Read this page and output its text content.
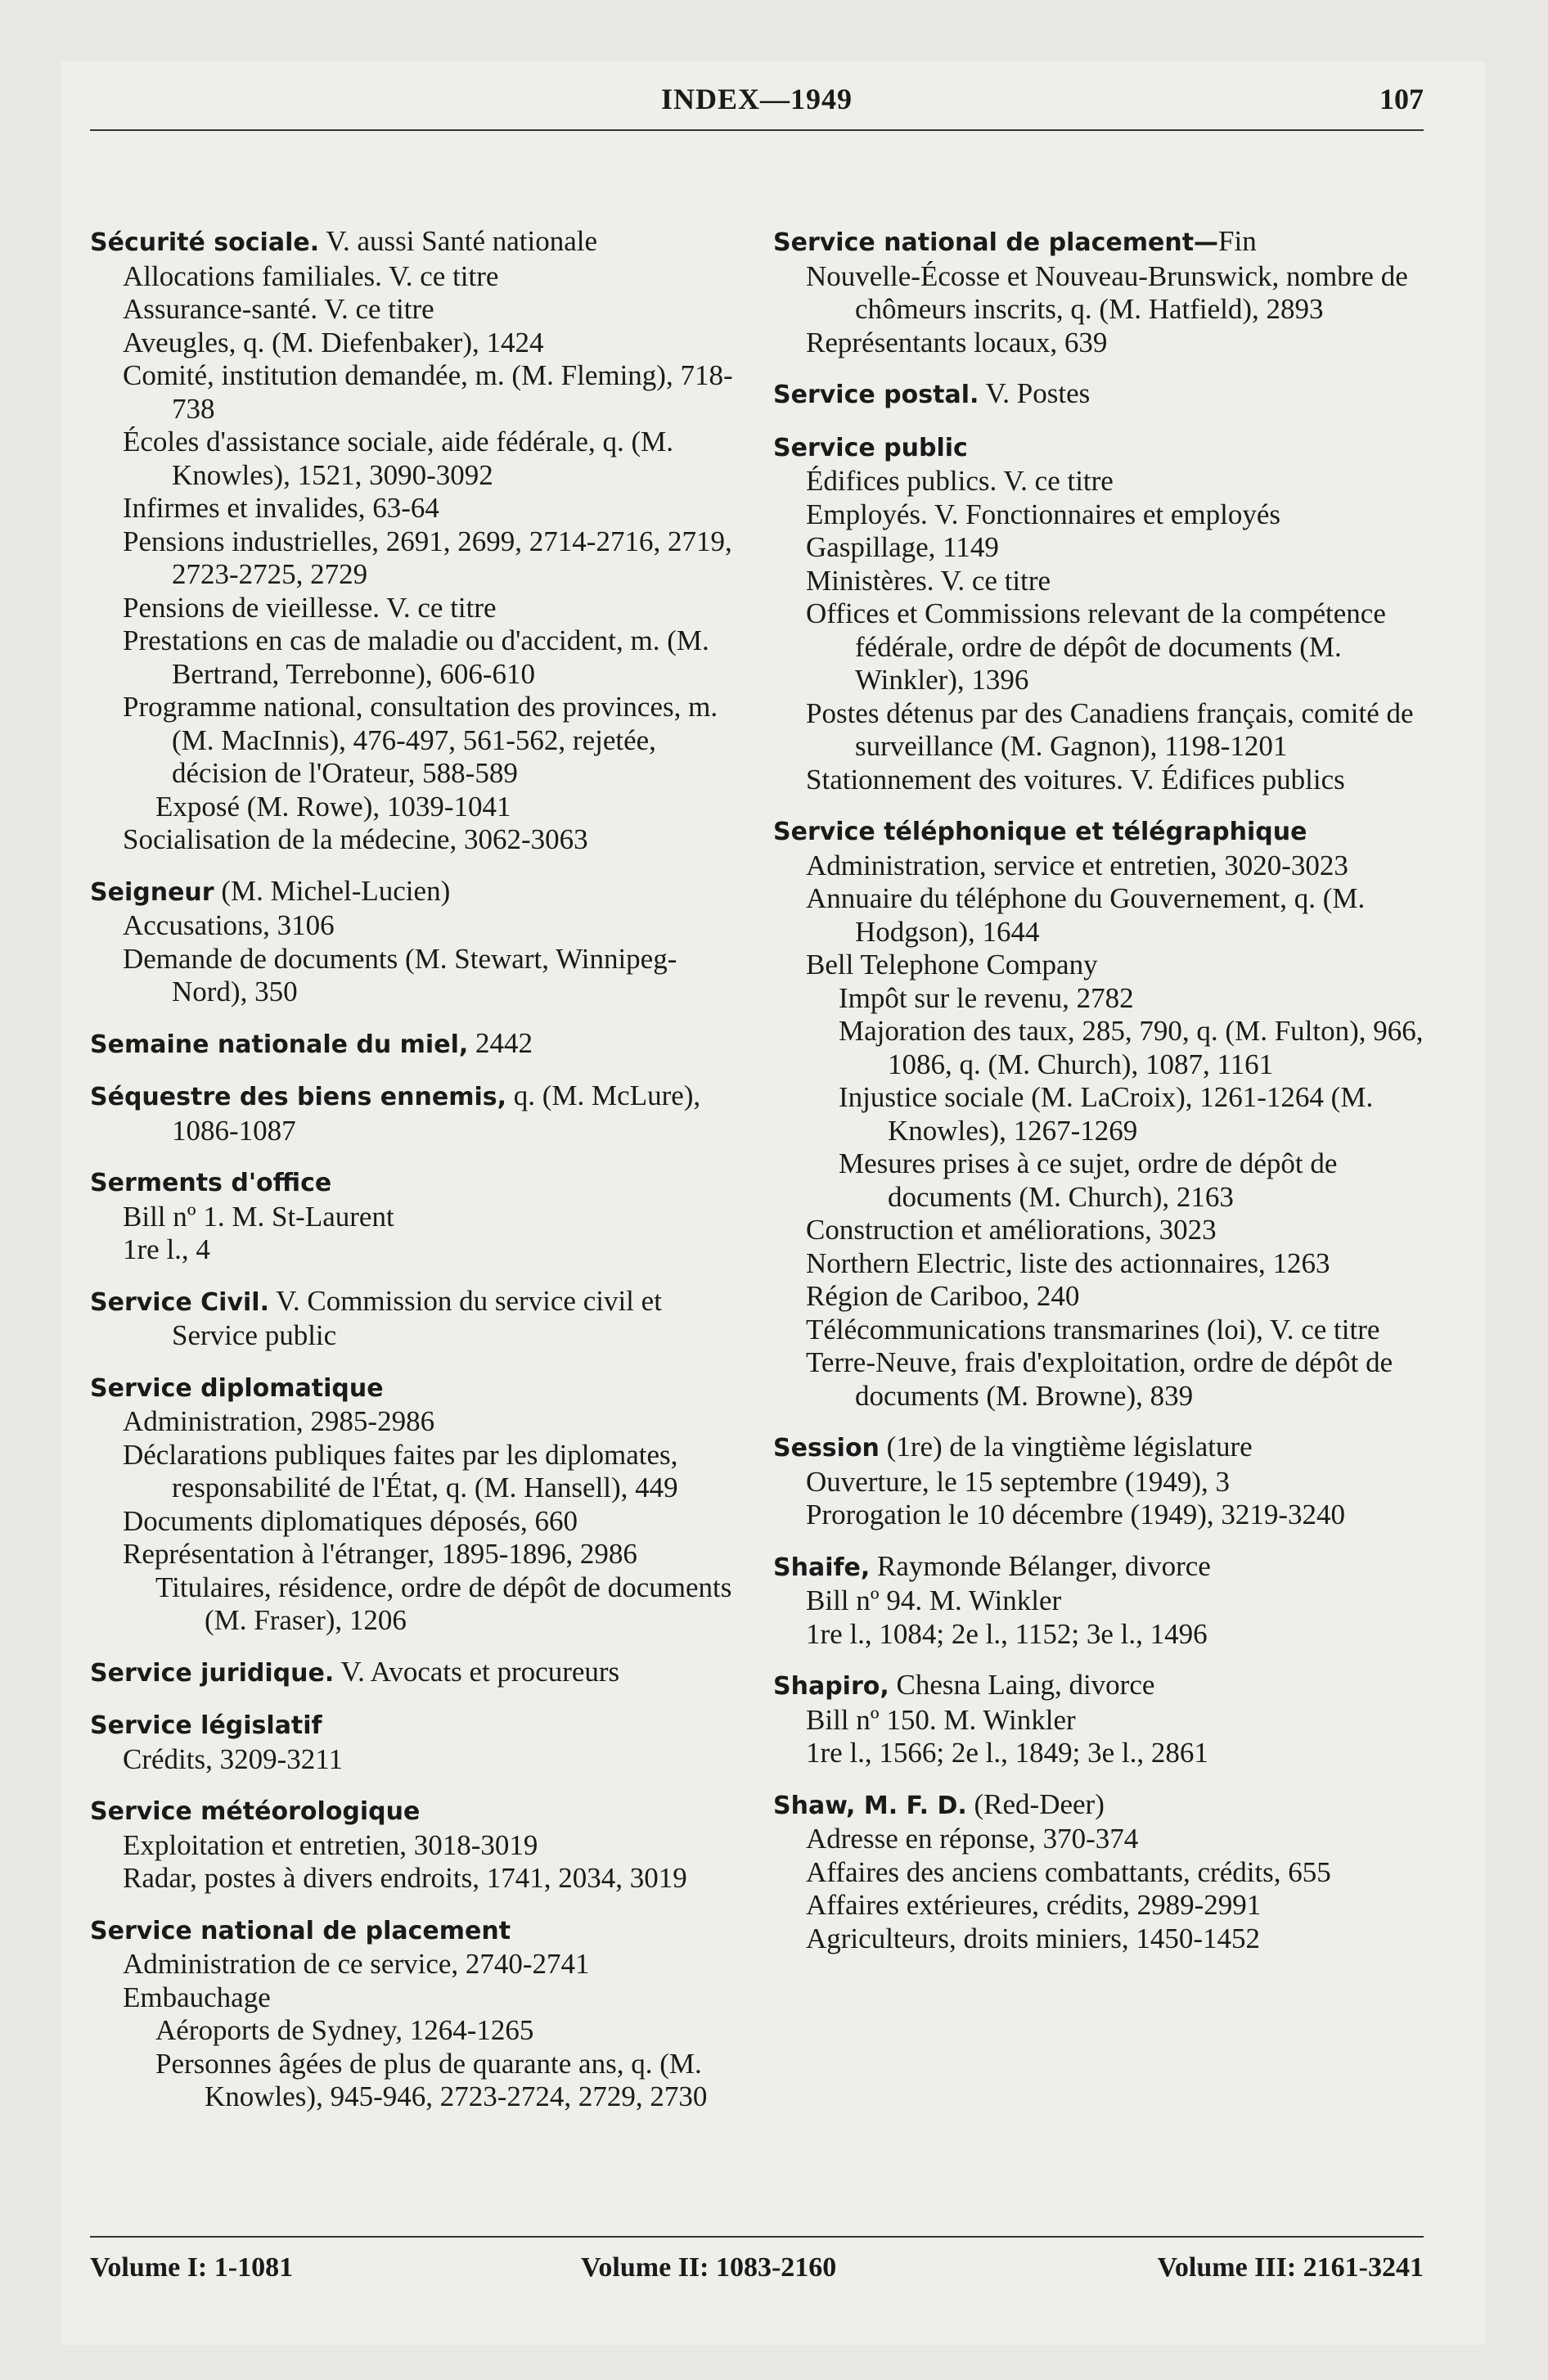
INDEX—1949	107
Sécurité sociale. V. aussi Santé nationale
Allocations familiales. V. ce titre
Assurance-santé. V. ce titre
Aveugles, q. (M. Diefenbaker), 1424
Comité, institution demandée, m. (M. Fleming), 718-738
Écoles d'assistance sociale, aide fédérale, q. (M. Knowles), 1521, 3090-3092
Infirmes et invalides, 63-64
Pensions industrielles, 2691, 2699, 2714-2716, 2719, 2723-2725, 2729
Pensions de vieillesse. V. ce titre
Prestations en cas de maladie ou d'accident, m. (M. Bertrand, Terrebonne), 606-610
Programme national, consultation des provinces, m. (M. MacInnis), 476-497, 561-562, rejetée, décision de l'Orateur, 588-589
Exposé (M. Rowe), 1039-1041
Socialisation de la médecine, 3062-3063
Seigneur (M. Michel-Lucien)
Accusations, 3106
Demande de documents (M. Stewart, Winnipeg-Nord), 350
Semaine nationale du miel, 2442
Séquestre des biens ennemis, q. (M. McLure), 1086-1087
Serments d'office
Bill nº 1. M. St-Laurent
1re l., 4
Service Civil. V. Commission du service civil et Service public
Service diplomatique
Administration, 2985-2986
Déclarations publiques faites par les diplomates, responsabilité de l'État, q. (M. Hansell), 449
Documents diplomatiques déposés, 660
Représentation à l'étranger, 1895-1896, 2986
Titulaires, résidence, ordre de dépôt de documents (M. Fraser), 1206
Service juridique. V. Avocats et procureurs
Service législatif
Crédits, 3209-3211
Service météorologique
Exploitation et entretien, 3018-3019
Radar, postes à divers endroits, 1741, 2034, 3019
Service national de placement
Administration de ce service, 2740-2741
Embauchage
Aéroports de Sydney, 1264-1265
Personnes âgées de plus de quarante ans, q. (M. Knowles), 945-946, 2723-2724, 2729, 2730
Service national de placement—Fin
Nouvelle-Écosse et Nouveau-Brunswick, nombre de chômeurs inscrits, q. (M. Hatfield), 2893
Représentants locaux, 639
Service postal. V. Postes
Service public
Édifices publics. V. ce titre
Employés. V. Fonctionnaires et employés
Gaspillage, 1149
Ministères. V. ce titre
Offices et Commissions relevant de la compétence fédérale, ordre de dépôt de documents (M. Winkler), 1396
Postes détenus par des Canadiens français, comité de surveillance (M. Gagnon), 1198-1201
Stationnement des voitures. V. Édifices publics
Service téléphonique et télégraphique
Administration, service et entretien, 3020-3023
Annuaire du téléphone du Gouvernement, q. (M. Hodgson), 1644
Bell Telephone Company
Impôt sur le revenu, 2782
Majoration des taux, 285, 790, q. (M. Fulton), 966, 1086, q. (M. Church), 1087, 1161
Injustice sociale (M. LaCroix), 1261-1264 (M. Knowles), 1267-1269
Mesures prises à ce sujet, ordre de dépôt de documents (M. Church), 2163
Construction et améliorations, 3023
Northern Electric, liste des actionnaires, 1263
Région de Cariboo, 240
Télécommunications transmarines (loi), V. ce titre
Terre-Neuve, frais d'exploitation, ordre de dépôt de documents (M. Browne), 839
Session (1re) de la vingtième législature
Ouverture, le 15 septembre (1949), 3
Prorogation le 10 décembre (1949), 3219-3240
Shaife, Raymonde Bélanger, divorce
Bill nº 94. M. Winkler
1re l., 1084; 2e l., 1152; 3e l., 1496
Shapiro, Chesna Laing, divorce
Bill nº 150. M. Winkler
1re l., 1566; 2e l., 1849; 3e l., 2861
Shaw, M. F. D. (Red-Deer)
Adresse en réponse, 370-374
Affaires des anciens combattants, crédits, 655
Affaires extérieures, crédits, 2989-2991
Agriculteurs, droits miniers, 1450-1452
Volume I: 1-1081	Volume II: 1083-2160	Volume III: 2161-3241
